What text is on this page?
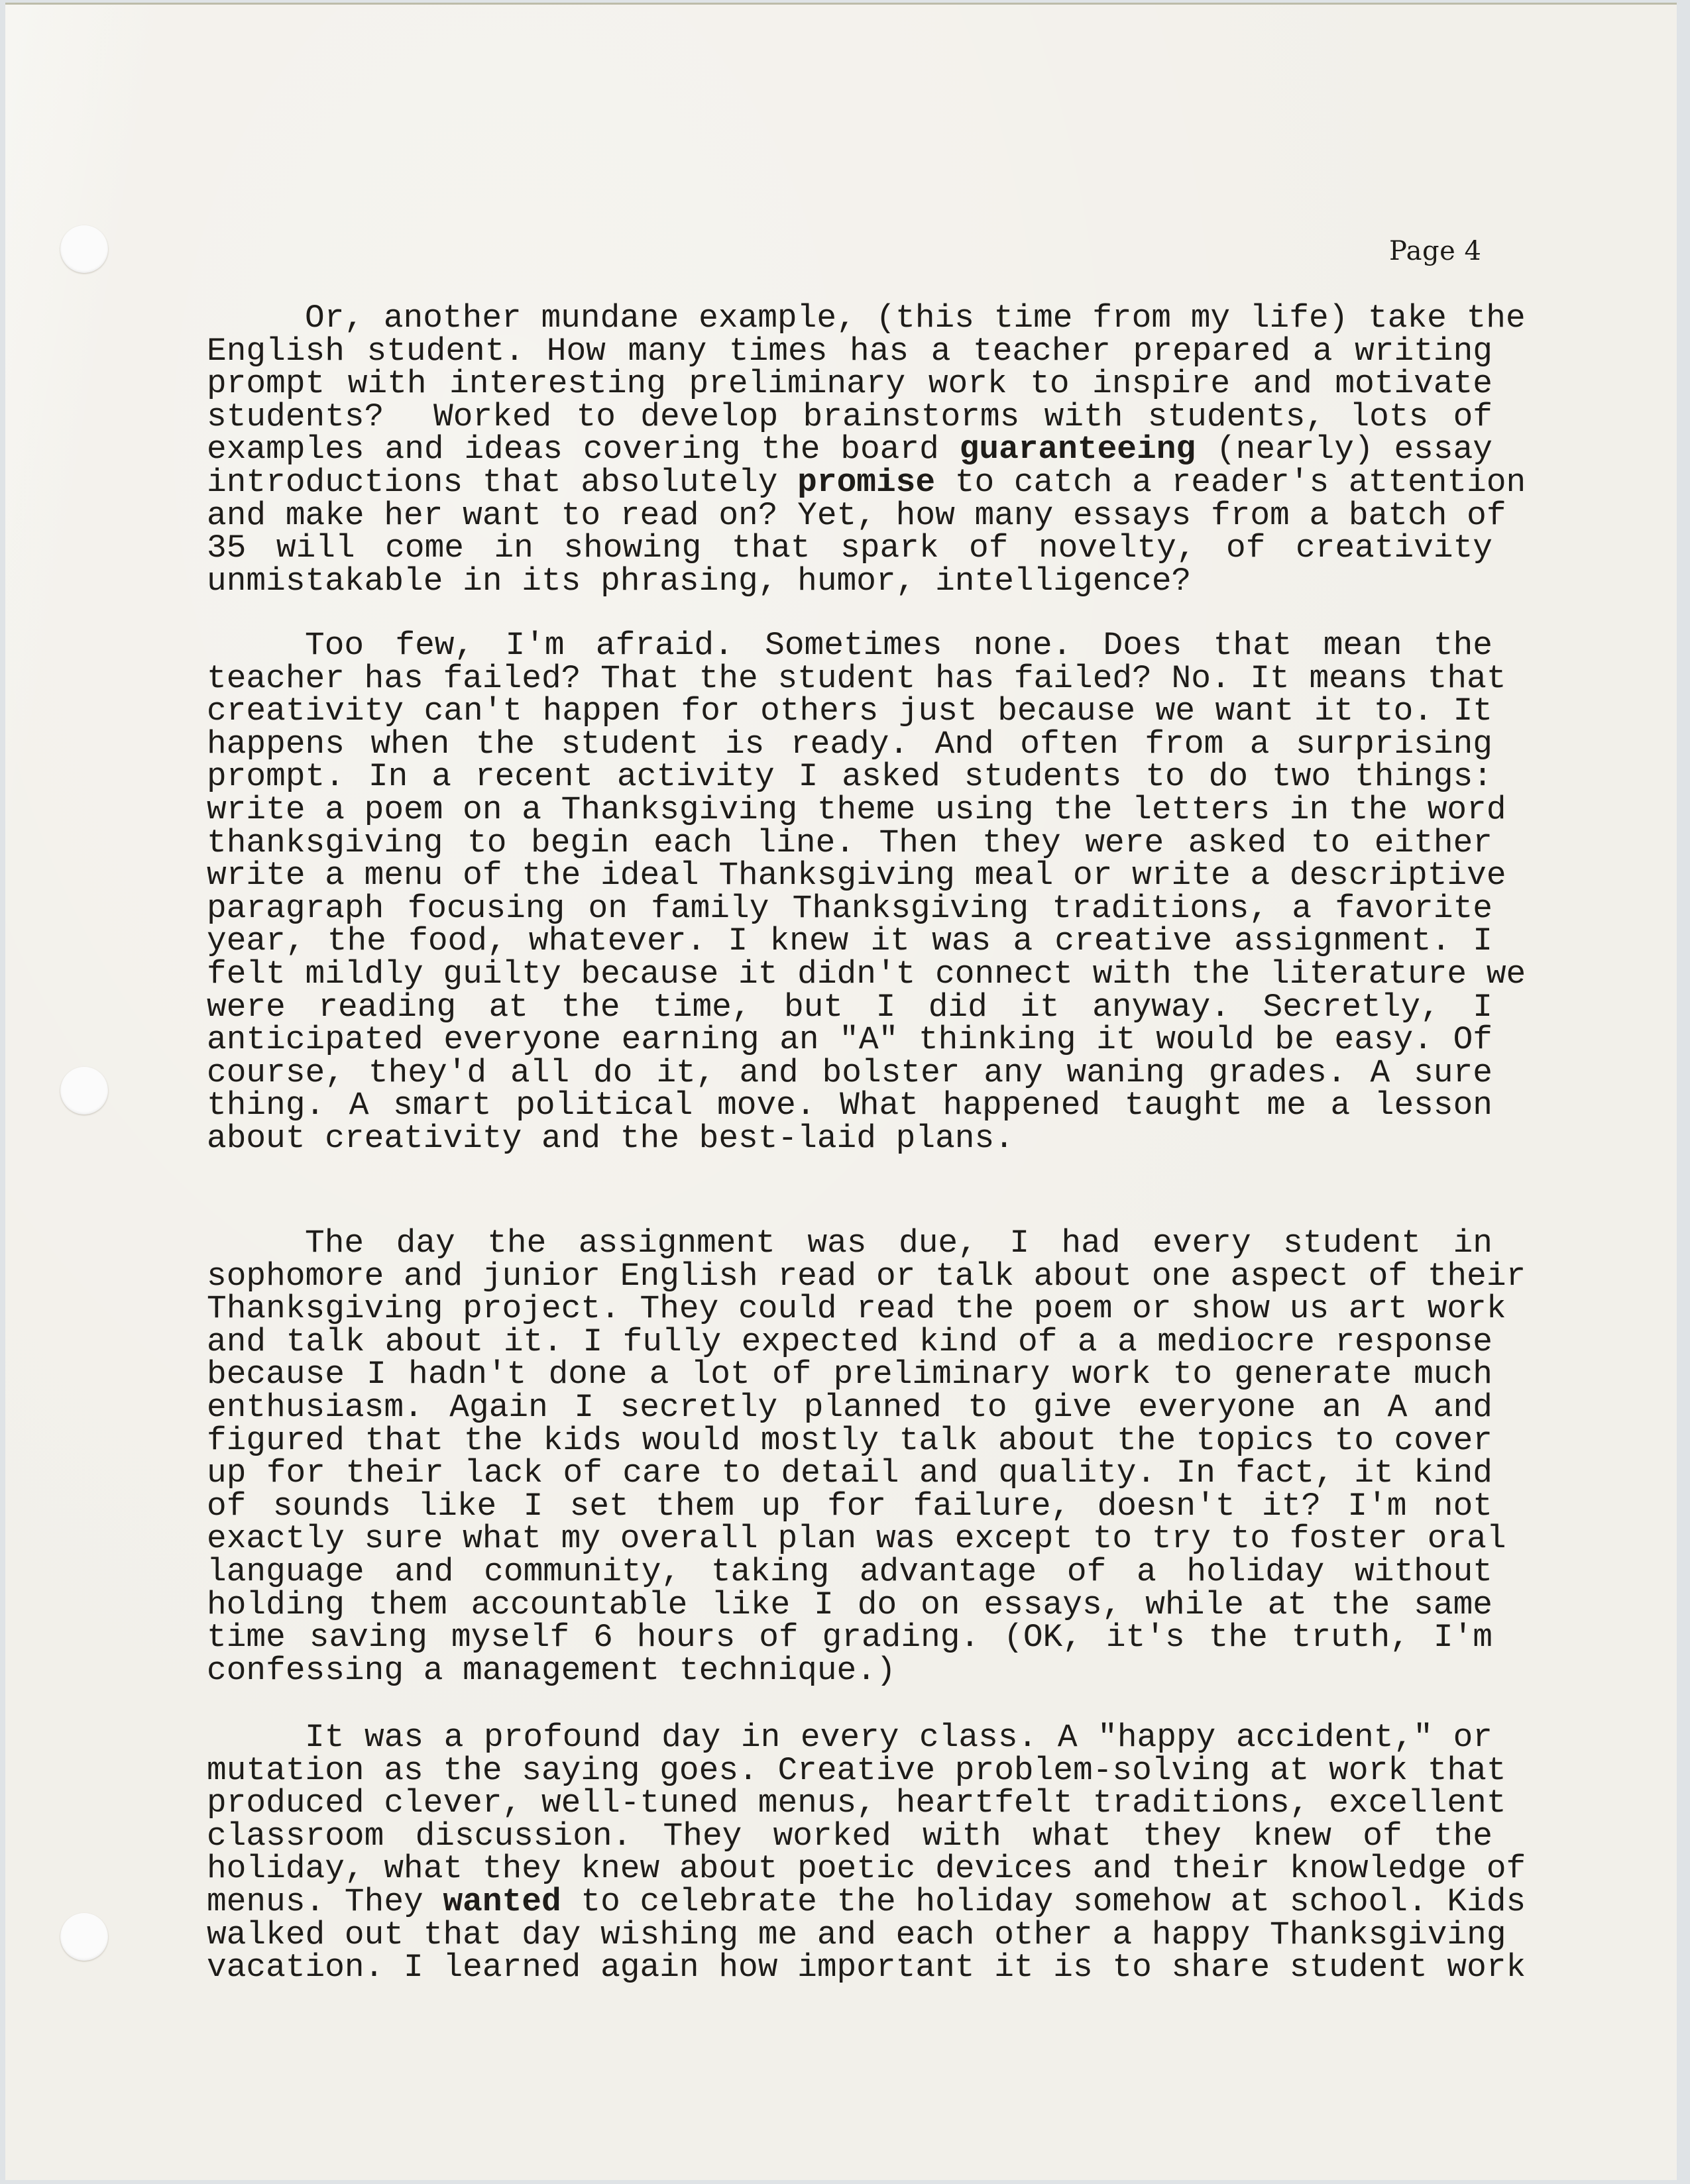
Page 4
Or, another mundane example, (this time from my life) take the
English student. How many times has a teacher prepared a writing
prompt with interesting preliminary work to inspire and motivate
students?  Worked to develop brainstorms with students, lots of
examples and ideas covering the board guaranteeing (nearly) essay
introductions that absolutely promise to catch a reader's attention
and make her want to read on? Yet, how many essays from a batch of
35 will come in showing that spark of novelty, of creativity
unmistakable in its phrasing, humor, intelligence?
Too few, I'm afraid. Sometimes none. Does that mean the
teacher has failed? That the student has failed? No. It means that
creativity can't happen for others just because we want it to. It
happens when the student is ready. And often from a surprising
prompt. In a recent activity I asked students to do two things:
write a poem on a Thanksgiving theme using the letters in the word
thanksgiving to begin each line. Then they were asked to either
write a menu of the ideal Thanksgiving meal or write a descriptive
paragraph focusing on family Thanksgiving traditions, a favorite
year, the food, whatever. I knew it was a creative assignment. I
felt mildly guilty because it didn't connect with the literature we
were reading at the time, but I did it anyway. Secretly, I
anticipated everyone earning an "A" thinking it would be easy. Of
course, they'd all do it, and bolster any waning grades. A sure
thing. A smart political move. What happened taught me a lesson
about creativity and the best-laid plans.
The day the assignment was due, I had every student in
sophomore and junior English read or talk about one aspect of their
Thanksgiving project. They could read the poem or show us art work
and talk about it. I fully expected kind of a a mediocre response
because I hadn't done a lot of preliminary work to generate much
enthusiasm. Again I secretly planned to give everyone an A and
figured that the kids would mostly talk about the topics to cover
up for their lack of care to detail and quality. In fact, it kind
of sounds like I set them up for failure, doesn't it? I'm not
exactly sure what my overall plan was except to try to foster oral
language and community, taking advantage of a holiday without
holding them accountable like I do on essays, while at the same
time saving myself 6 hours of grading. (OK, it's the truth, I'm
confessing a management technique.)
It was a profound day in every class. A "happy accident," or
mutation as the saying goes. Creative problem-solving at work that
produced clever, well-tuned menus, heartfelt traditions, excellent
classroom discussion. They worked with what they knew of the
holiday, what they knew about poetic devices and their knowledge of
menus. They wanted to celebrate the holiday somehow at school. Kids
walked out that day wishing me and each other a happy Thanksgiving
vacation. I learned again how important it is to share student work
